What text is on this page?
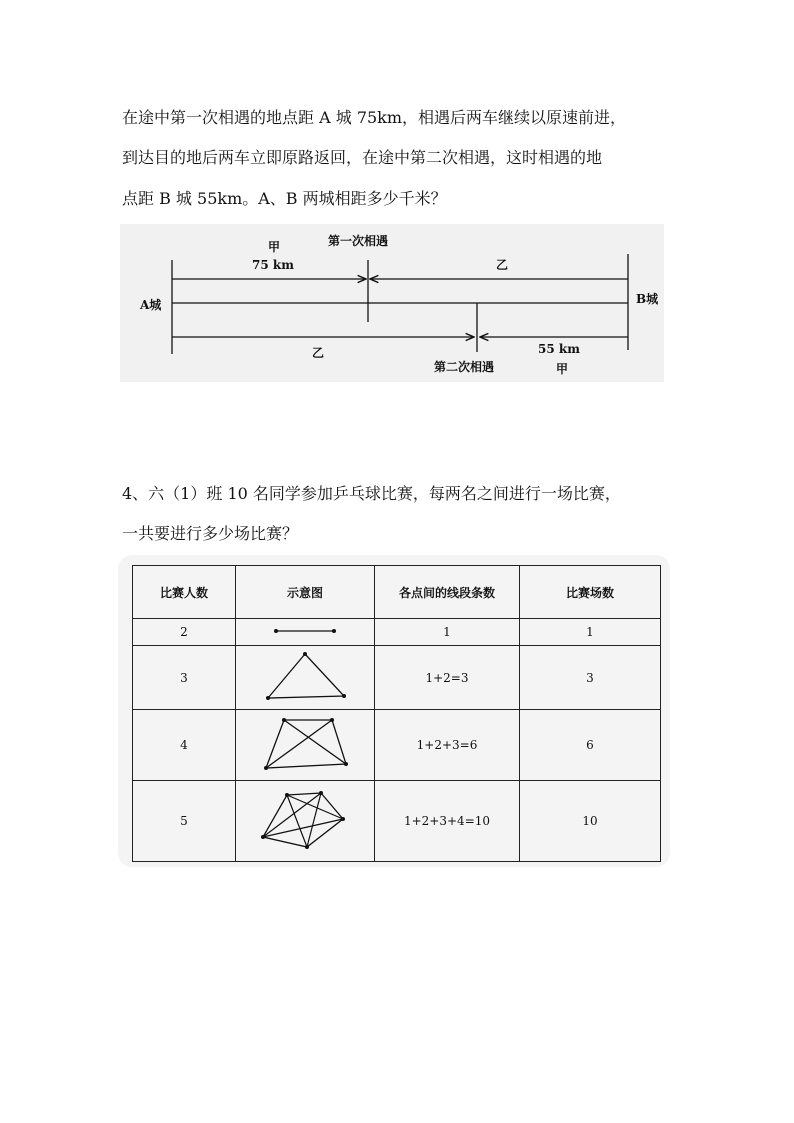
在途中第一次相遇的地点距 A 城 75km，相遇后两车继续以原速前进，
到达目的地后两车立即原路返回，在途中第二次相遇，这时相遇的地
点距 B 城 55km。A、B 两城相距多少千米？
A城	B城
甲
75 km
第一次相遇
乙
乙
第二次相遇
55 km
甲
4、六（1）班 10 名同学参加乒乓球比赛，每两名之间进行一场比赛，
一共要进行多少场比赛？
比赛人数	示意图	各点间的线段条数	比赛场数
2		1	1
3		1+2=3	3
4		1+2+3=6	6
5		1+2+3+4=10	10
